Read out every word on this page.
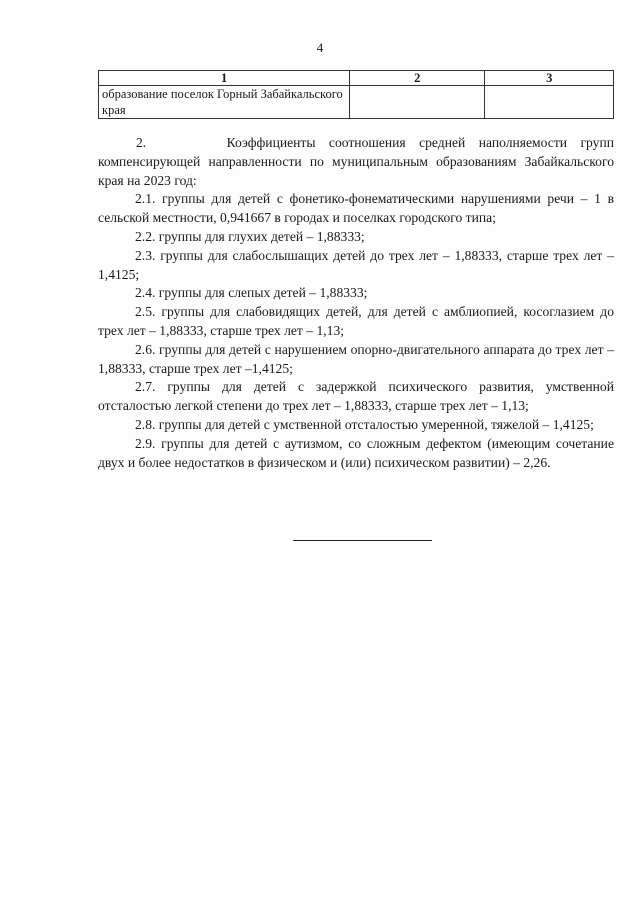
4
1	2	3
образование поселок Горный Забайкальского края		

2.      Коэффициенты соотношения средней наполняемости групп компенсирующей направленности по муниципальным образованиям Забайкальского края на 2023 год:

2.1. группы для детей с фонетико-фонематическими нарушениями речи – 1 в сельской местности, 0,941667 в городах и поселках городского типа;

2.2. группы для глухих детей – 1,88333;

2.3. группы для слабослышащих детей до трех лет – 1,88333, старше трех лет – 1,4125;

2.4. группы для слепых детей – 1,88333;

2.5. группы для слабовидящих детей, для детей с амблиопией, косоглазием до трех лет – 1,88333, старше трех лет – 1,13;

2.6. группы для детей с нарушением опорно-двигательного аппарата до трех лет – 1,88333, старше трех лет –1,4125;

2.7. группы для детей с задержкой психического развития, умственной отсталостью легкой степени до трех лет – 1,88333, старше трех лет – 1,13;

2.8. группы для детей с умственной отсталостью умеренной, тяжелой – 1,4125;

2.9. группы для детей с аутизмом, со сложным дефектом (имеющим сочетание двух и более недостатков в физическом и (или) психическом развитии) – 2,26.
